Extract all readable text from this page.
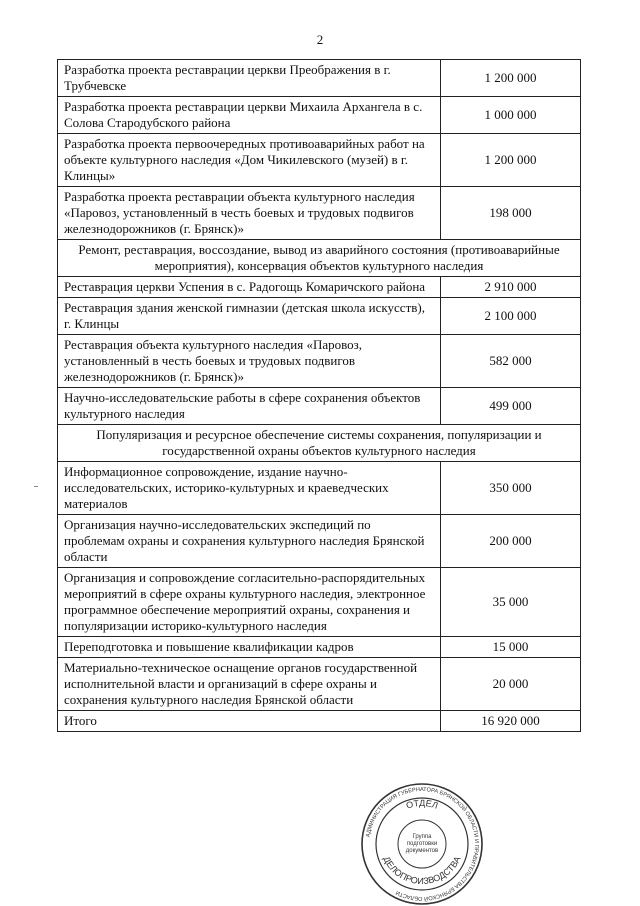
2
Разработка проекта реставрации церкви Преображения в г. Трубчевске	1 200 000
Разработка проекта реставрации церкви Михаила Архангела в с. Солова Стародубского района	1 000 000
Разработка проекта первоочередных противоаварийных работ на объекте культурного наследия «Дом Чикилевского (музей) в г. Клинцы»	1 200 000
Разработка проекта реставрации объекта культурного наследия «Паровоз, установленный в честь боевых и трудовых подвигов железнодорожников (г. Брянск)»	198 000
Ремонт, реставрация, воссоздание, вывод из аварийного состояния (противоаварийные мероприятия), консервация объектов культурного наследия	
Реставрация церкви Успения в с. Радогощь Комаричского района	2 910 000
Реставрация здания женской гимназии (детская школа искусств), г. Клинцы	2 100 000
Реставрация объекта культурного наследия «Паровоз, установленный в честь боевых и трудовых подвигов железнодорожников (г. Брянск)»	582 000
Научно-исследовательские работы в сфере сохранения объектов культурного наследия	499 000
Популяризация и ресурсное обеспечение системы сохранения, популяризации и государственной охраны объектов культурного наследия	
Информационное сопровождение, издание научно-исследовательских, историко-культурных и краеведческих материалов	350 000
Организация научно-исследовательских экспедиций по проблемам охраны и сохранения культурного наследия Брянской области	200 000
Организация и сопровождение согласительно-распорядительных мероприятий в сфере охраны культурного наследия, электронное программное обеспечение мероприятий охраны, сохранения и популяризации историко-культурного наследия	35 000
Переподготовка и повышение квалификации кадров	15 000
Материально-техническое оснащение органов государственной исполнительной власти и организаций в сфере охраны и сохранения культурного наследия Брянской области	20 000
Итого	16 920 000
АДМИНИСТРАЦИЯ ГУБЕРНАТОРА БРЯНСКОЙ ОБЛАСТИ И ПРАВИТЕЛЬСТВА БРЯНСКОЙ ОБЛАСТИ
ОТДЕЛ
ДЕЛОПРОИЗВОДСТВА
Группа
подготовки
документов
